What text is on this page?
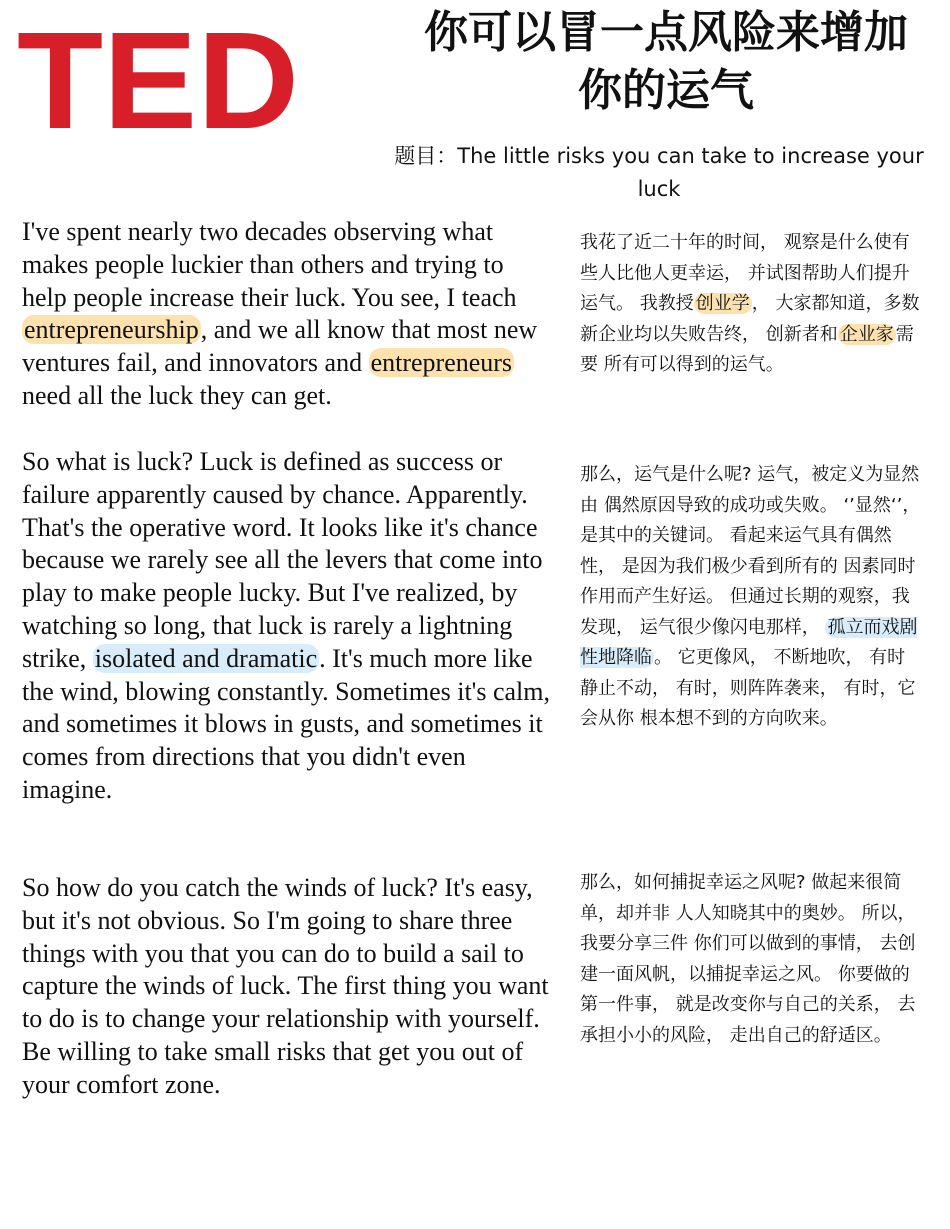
TED	你可以冒一点风险来增加
你的运气
题目：The little risks you can take to increase your luck
I've spent nearly two decades observing what makes people luckier than others and trying to help people increase their luck. You see, I teach entrepreneurship, and we all know that most new ventures fail, and innovators and entrepreneurs need all the luck they can get.
我花了近二十年的时间， 观察是什么使有些人比他人更幸运， 并试图帮助人们提升运气。 我教授 创业学 ， 大家都知道，多数 新企业均以失败告终， 创新者和 企业家 需要 所有可以得到的运气。
So what is luck? Luck is defined as success or failure apparently caused by chance. Apparently. That's the operative word. It looks like it's chance because we rarely see all the levers that come into play to make people lucky. But I've realized, by watching so long, that luck is rarely a lightning strike, isolated and dramatic. It's much more like the wind, blowing constantly. Sometimes it's calm, and sometimes it blows in gusts, and sometimes it comes from directions that you didn't even imagine.
那么，运气是什么呢? 运气，被定义为显然由 偶然原因导致的成功或失败。 ‘’显然‘’， 是其中的关键词。 看起来运气具有偶然性， 是因为我们极少看到所有的 因素同时作用而产生好运。 但通过长期的观察，我发现， 运气很少像闪电那样， 孤立而戏剧性地降临 。 它更像风， 不断地吹， 有时静止不动， 有时，则阵阵袭来， 有时，它会从你 根本想不到的方向吹来。
So how do you catch the winds of luck? It's easy, but it's not obvious. So I'm going to share three things with you that you can do to build a sail to capture the winds of luck. The first thing you want to do is to change your relationship with yourself. Be willing to take small risks that get you out of your comfort zone.
那么，如何捕捉幸运之风呢? 做起来很简单，却并非 人人知晓其中的奥妙。 所以，我要分享三件 你们可以做到的事情， 去创建一面风帆，以捕捉幸运之风。 你要做的第一件事， 就是改变你与自己的关系， 去承担小小的风险， 走出自己的舒适区。
